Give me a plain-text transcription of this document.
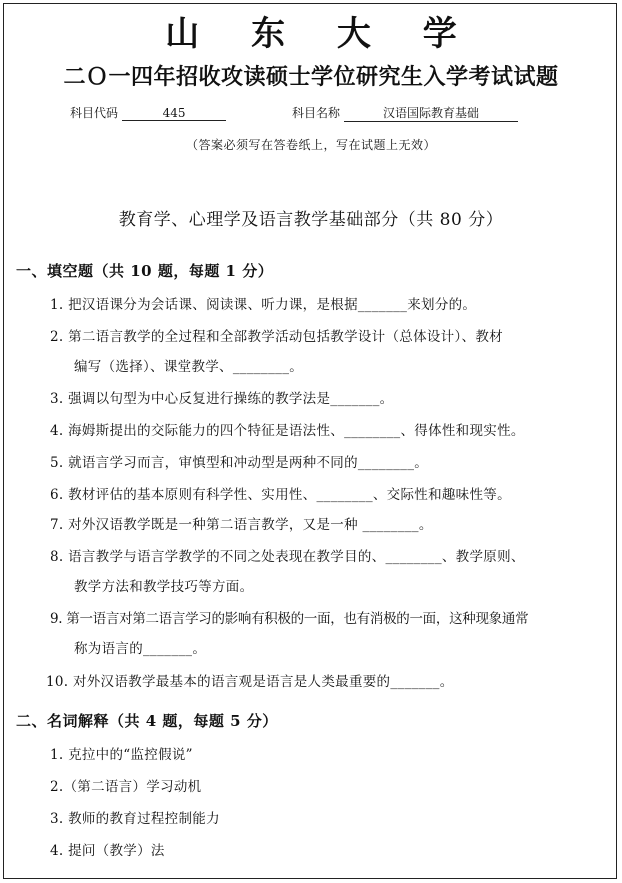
山 东 大 学
二Ｏ一四年招收攻读硕士学位研究生入学考试试题
科目代码	445	科目名称	汉语国际教育基础
（答案必须写在答卷纸上，写在试题上无效）
教育学、心理学及语言教学基础部分（共 80 分）
一、填空题（共 10 题，每题 1 分）
1. 把汉语课分为会话课、阅读课、听力课，是根据_______来划分的。
2. 第二语言教学的全过程和全部教学活动包括教学设计（总体设计）、教材
编写（选择）、课堂教学、________。
3. 强调以句型为中心反复进行操练的教学法是_______。
4. 海姆斯提出的交际能力的四个特征是语法性、________、得体性和现实性。
5. 就语言学习而言，审慎型和冲动型是两种不同的________。
6. 教材评估的基本原则有科学性、实用性、________、交际性和趣味性等。
7. 对外汉语教学既是一种第二语言教学，又是一种 ________。
8. 语言教学与语言学教学的不同之处表现在教学目的、________、教学原则、
教学方法和教学技巧等方面。
9. 第一语言对第二语言学习的影响有积极的一面，也有消极的一面，这种现象通常
称为语言的_______。
10. 对外汉语教学最基本的语言观是语言是人类最重要的_______。
二、名词解释（共 4 题，每题 5 分）
1. 克拉中的“监控假说”
2.（第二语言）学习动机
3. 教师的教育过程控制能力
4. 提问（教学）法
